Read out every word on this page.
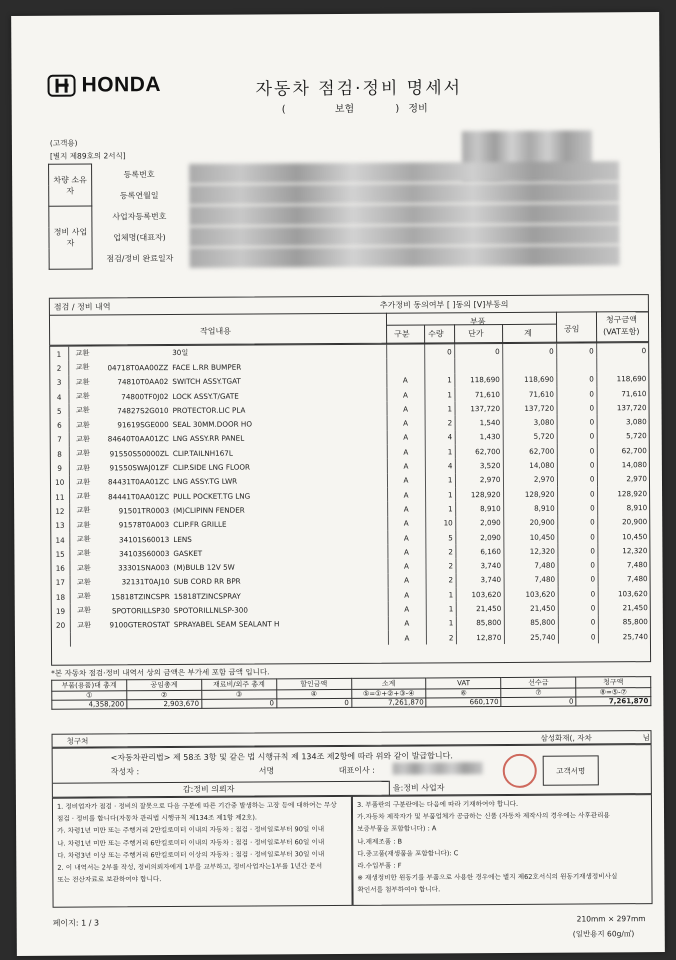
HONDA	자동차 점검·정비 명세서
(	보험	) 정비
(고객용)
[별지 제89호의 2서식]
차량 소유자	등록번호	

	등록연월일	

정비 사업자	사업자등록번호	

	업체명(대표자)	

	점검/정비 완료일자	
점검 / 정비 내역	추가정비 동의여부 [ ]동의 [V]부동의
작업내용
부품
구분 수량	단가	계	공임
청구금액
(VAT포함)
1	교환		30일		0	0	0	0	0
2	교환	04718T0AA00ZZ	FACE L.RR BUMPER						
3	교환	74810T0AA02	SWITCH ASSY.TGAT	A	1	118,690	118,690	0	118,690
4	교환	74800TF0J02	LOCK ASSY.T/GATE	A	1	71,610	71,610	0	71,610
5	교환	74827S2G010	PROTECTOR.LIC PLA	A	1	137,720	137,720	0	137,720
6	교환	91619SGE000	SEAL 30MM.DOOR HO	A	2	1,540	3,080	0	3,080
7	교환	84640T0AA01ZC	LNG ASSY.RR PANEL	A	4	1,430	5,720	0	5,720
8	교환	91550S50000ZL	CLIP.TAILNH167L	A	1	62,700	62,700	0	62,700
9	교환	91550SWAJ01ZF	CLIP.SIDE LNG FLOOR	A	4	3,520	14,080	0	14,080
10	교환	84431T0AA01ZC	LNG ASSY.TG LWR	A	1	2,970	2,970	0	2,970
11	교환	84441T0AA01ZC	PULL POCKET.TG LNG	A	1	128,920	128,920	0	128,920
12	교환	91501TR0003	(M)CLIPINN FENDER	A	1	8,910	8,910	0	8,910
13	교환	91578T0A003	CLIP.FR GRILLE	A	10	2,090	20,900	0	20,900
14	교환	34101S60013	LENS	A	5	2,090	10,450	0	10,450
15	교환	34103S60003	GASKET	A	2	6,160	12,320	0	12,320
16	교환	33301SNA003	(M)BULB 12V 5W	A	2	3,740	7,480	0	7,480
17	교환	32131T0AJ10	SUB CORD RR BPR	A	2	3,740	7,480	0	7,480
18	교환	15818TZINCSPR	15818TZINCSPRAY	A	1	103,620	103,620	0	103,620
19	교환	SPOTORILLSP30	SPOTORILLNLSP-300	A	1	21,450	21,450	0	21,450
20	교환	9100GTEROSTAT	SPRAYABEL SEAM SEALANT H	A	1	85,800	85,800	0	85,800
				A	2	12,870	25,740	0	25,740
*본 자동차 점검·정비 내역서 상의 금액은 부가세 포함 금액 입니다.
부품(용품)대 총계	공임총계	재료비/외주 총계	할인금액	소계	VAT	선수금	청구액
①	②	③	④	⑤=①+②+③-④	⑥	⑦	⑧=⑤-⑦
4,358,200	2,903,670	0	0	7,261,870	660,170	0	7,261,870
청구처	삼성화재(, 자차	님
<자동차관리법> 제 58조 3항 및 같은 법 시행규칙 제 134조 제2항에 따라 위와 같이 발급합니다.
작성자 :	서명	대표이사 :	고객서명
갑:정비 의뢰자	을:정비 사업자
1. 정비업자가 점검 · 정비의 잘못으로 다음 구분에 따른 기간중 발생하는 고장 등에 대하여는 무상
점검 · 정비를 합니다(자동차 관리법 시행규칙 제134조 제1항 제2호).
가. 차령1년 미만 또는 주행거리 2만킬로미터 이내의 자동차 : 점검 · 정비일로부터 90일 이내
나. 차령1년 미만 또는 주행거리 6만킬로미터 이내의 자동차 : 점검 · 정비일로부터 60일 이내
다. 차령3년 이상 또는 주행거리 6만킬로미터 이상의 자동차 : 점검 · 정비일로부터 30일 이내
2. 이 내역서는 2부를 작성, 정비의뢰자에게 1부를 교부하고, 정비사업자는1부를 1년간 문서
또는 전산자료로 보관하여야 합니다.
3. 부품란의 구분란에는 다음에 따라 기재하여야 합니다.
가.자동차 제작자가 및 부품업체가 공급하는 신품 (자동차 제작사의 경우에는 사후관리용
보증부품을 포함합니다) : A
나.재제조품 : B
다.중고품(재생품을 포함합니다): C
라.수입부품 : F
※ 재생정비한 원동기를 부품으로 사용한 경우에는 별지 제62호서식의 원동기재생정비사실
확인서를 첨부하여야 합니다.
페이지: 1 / 3	210mm × 297mm
(일반용지 60g/㎡)
